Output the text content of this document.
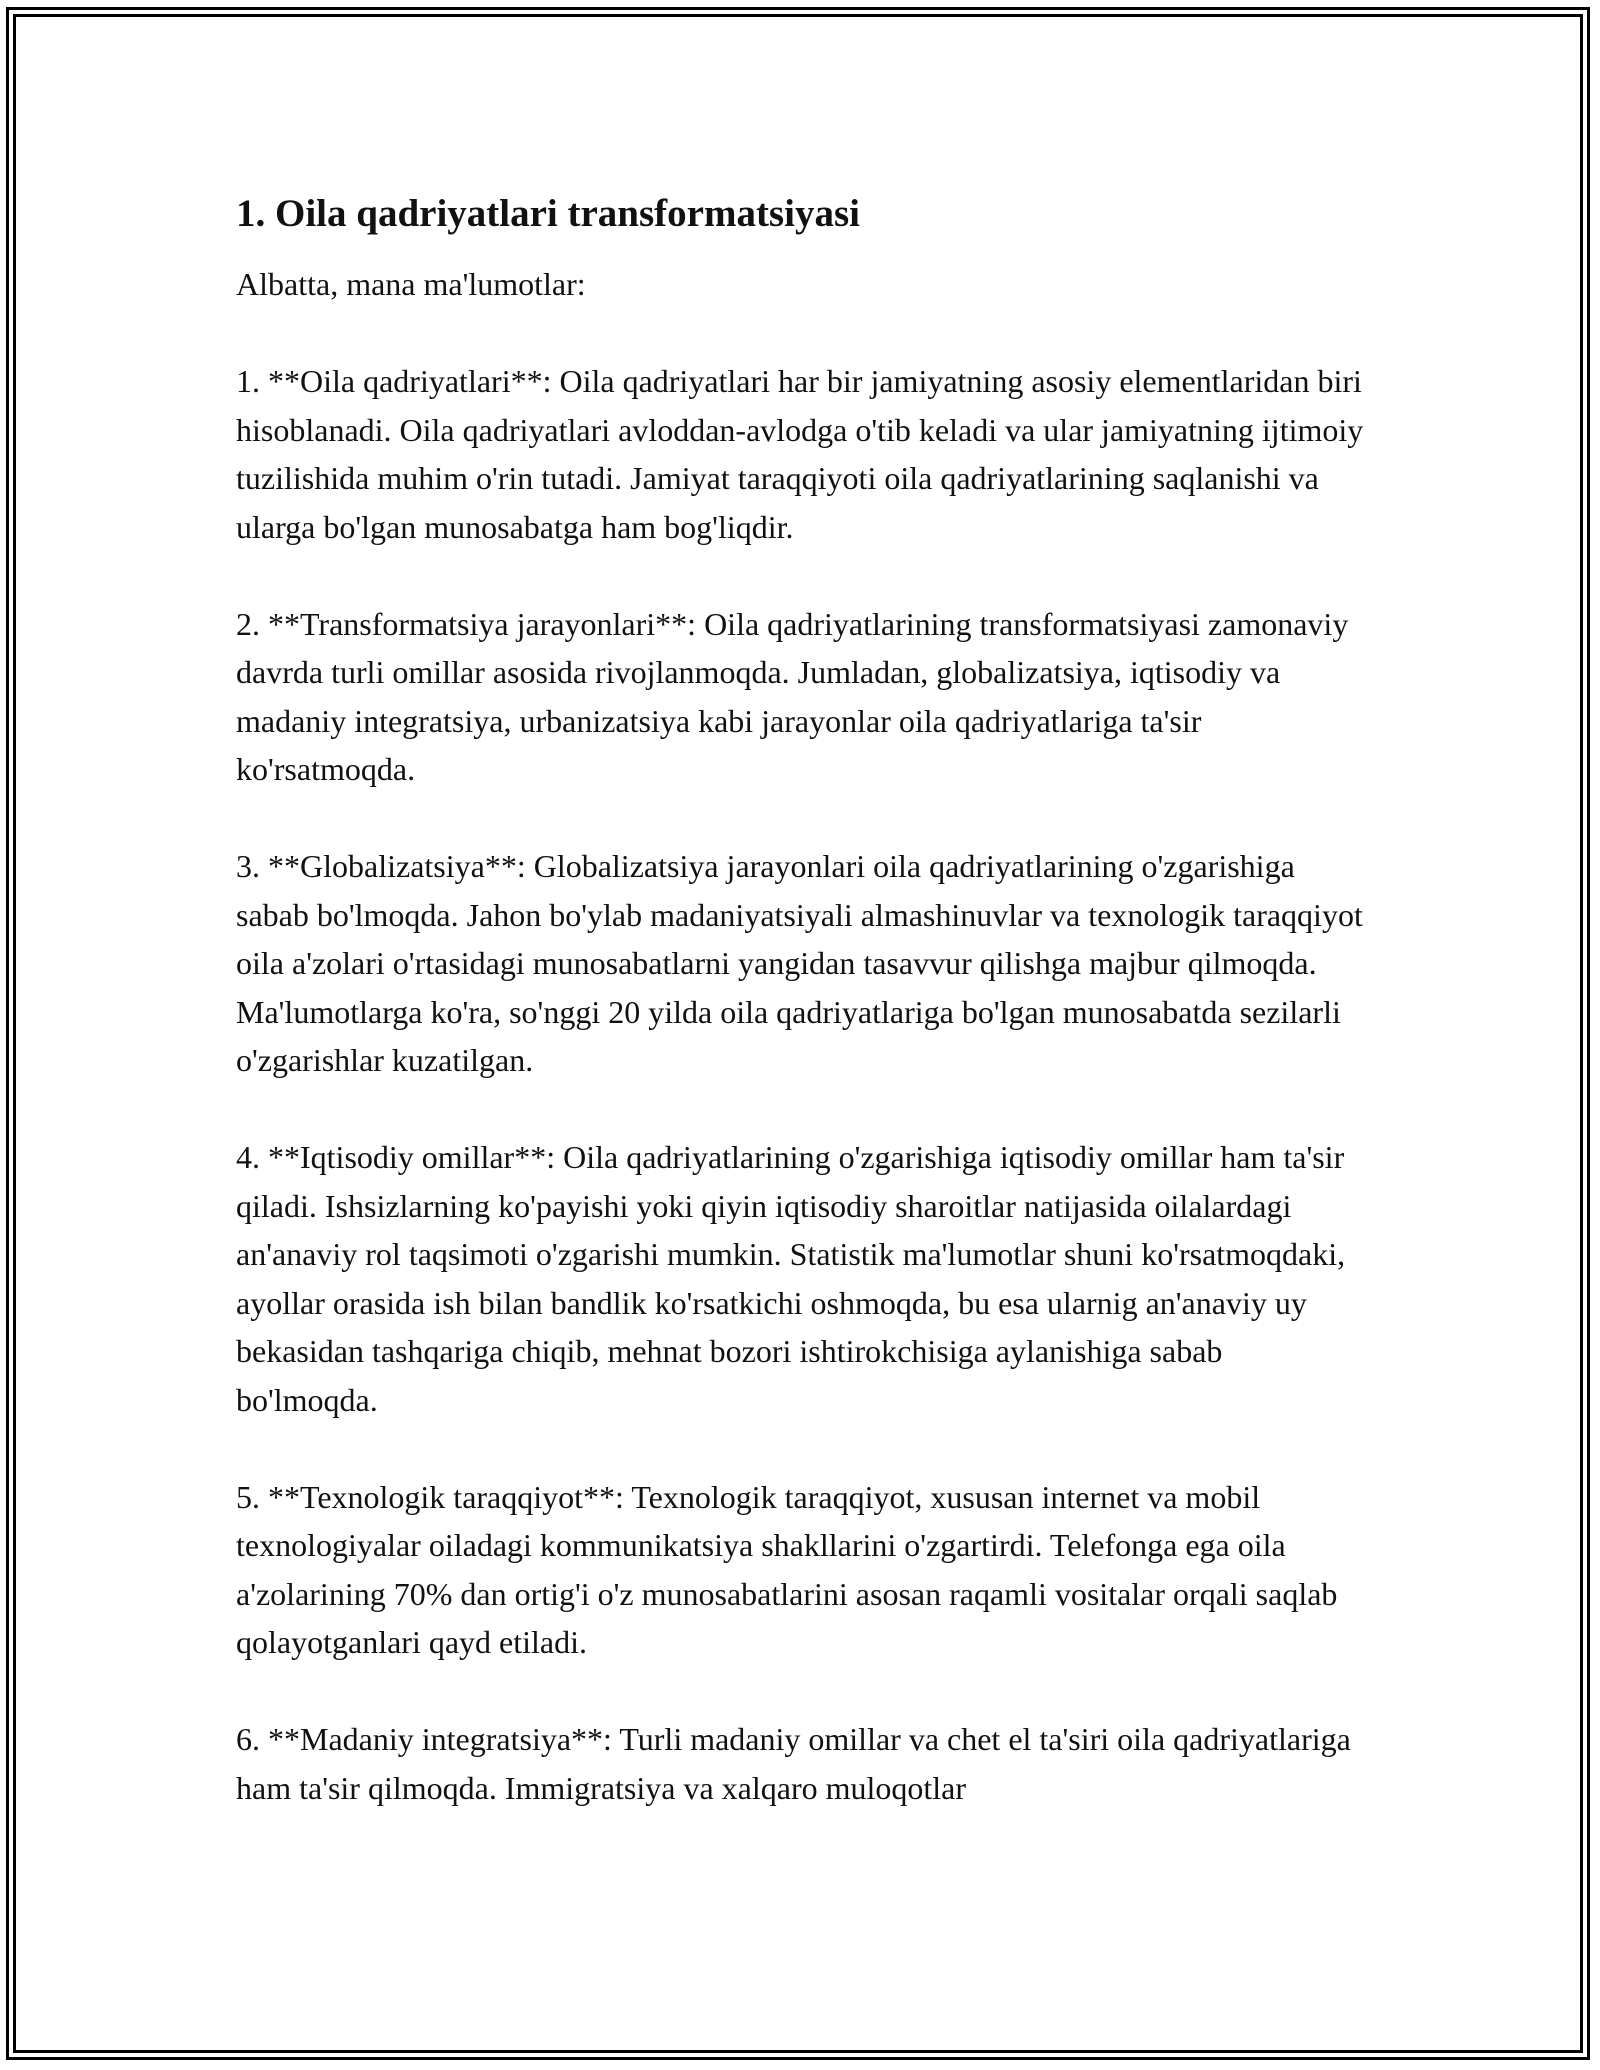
1. Oila qadriyatlari transformatsiyasi

Albatta, mana ma'lumotlar:

1. **Oila qadriyatlari**: Oila qadriyatlari har bir jamiyatning asosiy elementlaridan biri hisoblanadi. Oila qadriyatlari avloddan-avlodga o'tib keladi va ular jamiyatning ijtimoiy tuzilishida muhim o'rin tutadi. Jamiyat taraqqiyoti oila qadriyatlarining saqlanishi va ularga bo'lgan munosabatga ham bog'liqdir.

2. **Transformatsiya jarayonlari**: Oila qadriyatlarining transformatsiyasi zamonaviy davrda turli omillar asosida rivojlanmoqda. Jumladan, globalizatsiya, iqtisodiy va madaniy integratsiya, urbanizatsiya kabi jarayonlar oila qadriyatlariga ta'sir ko'rsatmoqda.

3. **Globalizatsiya**: Globalizatsiya jarayonlari oila qadriyatlarining o'zgarishiga sabab bo'lmoqda. Jahon bo'ylab madaniyatsiyali almashinuvlar va texnologik taraqqiyot oila a'zolari o'rtasidagi munosabatlarni yangidan tasavvur qilishga majbur qilmoqda. Ma'lumotlarga ko'ra, so'nggi 20 yilda oila qadriyatlariga bo'lgan munosabatda sezilarli o'zgarishlar kuzatilgan.

4. **Iqtisodiy omillar**: Oila qadriyatlarining o'zgarishiga iqtisodiy omillar ham ta'sir qiladi. Ishsizlarning ko'payishi yoki qiyin iqtisodiy sharoitlar natijasida oilalardagi an'anaviy rol taqsimoti o'zgarishi mumkin. Statistik ma'lumotlar shuni ko'rsatmoqdaki, ayollar orasida ish bilan bandlik ko'rsatkichi oshmoqda, bu esa ularnig an'anaviy uy bekasidan tashqariga chiqib, mehnat bozori ishtirokchisiga aylanishiga sabab bo'lmoqda.

5. **Texnologik taraqqiyot**: Texnologik taraqqiyot, xususan internet va mobil texnologiyalar oiladagi kommunikatsiya shakllarini o'zgartirdi. Telefonga ega oila a'zolarining 70% dan ortig'i o'z munosabatlarini asosan raqamli vositalar orqali saqlab qolayotganlari qayd etiladi.

6. **Madaniy integratsiya**: Turli madaniy omillar va chet el ta'siri oila qadriyatlariga ham ta'sir qilmoqda. Immigratsiya va xalqaro muloqotlar
